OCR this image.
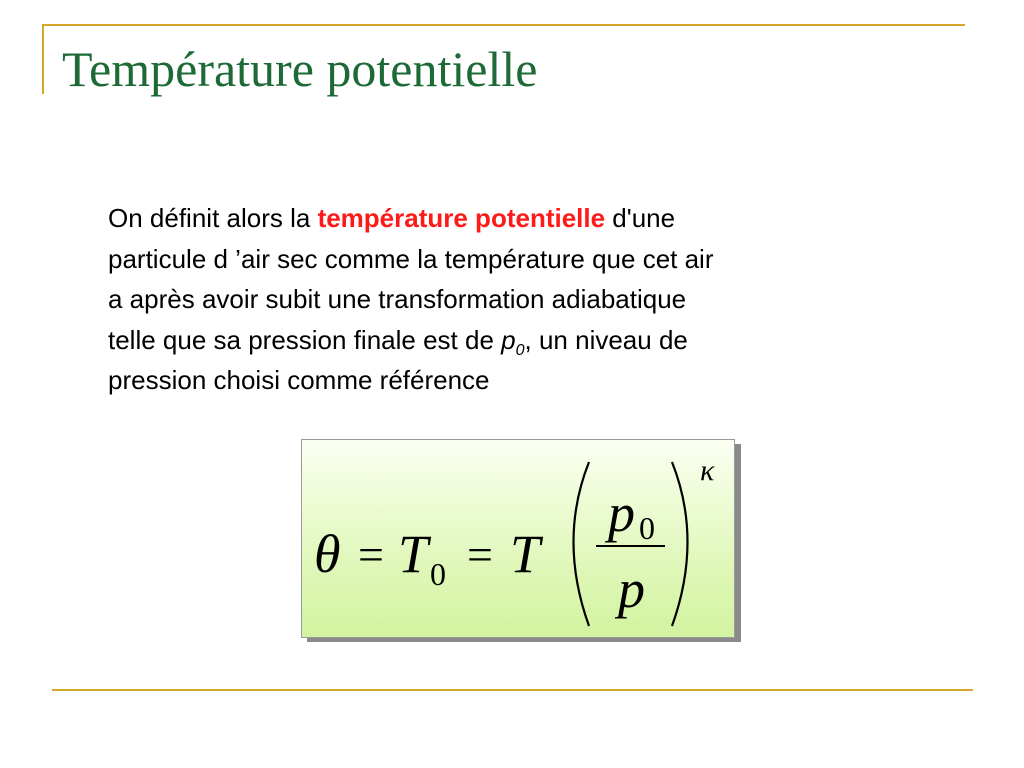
Température potentielle

On définit alors la température potentielle d'une
particule d ’air sec comme la température que cet air
a après avoir subit une transformation adiabatique
telle que sa pression finale est de $p_0$, un niveau de
pression choisi comme référence

θ = T 0 = T
p 0
p
κ
